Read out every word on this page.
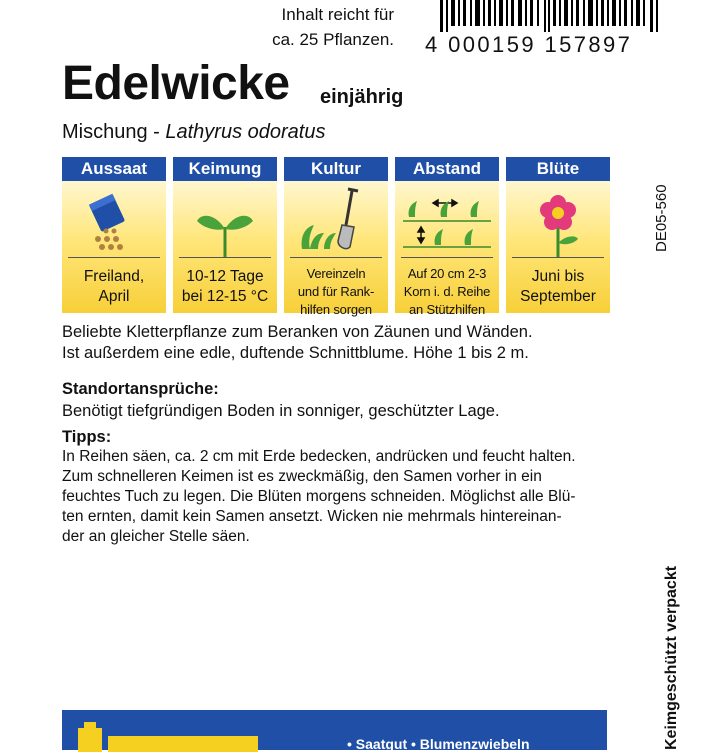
Inhalt reicht für
ca. 25 Pflanzen. 4 000159 157897
Edelwicke einjährig
Mischung - Lathyrus odoratus
DE05-560
Aussaat
Freiland,
April
Keimung
10-12 Tage
bei 12-15 °C
Kultur
Vereinzeln
und für Rank-
hilfen sorgen
Abstand
Auf 20 cm 2-3
Korn i. d. Reihe
an Stützhilfen
Blüte
Juni bis
September
Beliebte Kletterpflanze zum Beranken von Zäunen und Wänden.
Ist außerdem eine edle, duftende Schnittblume. Höhe 1 bis 2 m.
Standortansprüche:
Benötigt tiefgründigen Boden in sonniger, geschützter Lage.
Tipps:
In Reihen säen, ca. 2 cm mit Erde bedecken, andrücken und feucht halten.
Zum schnelleren Keimen ist es zweckmäßig, den Samen vorher in ein
feuchtes Tuch zu legen. Die Blüten morgens schneiden. Möglichst alle Blü-
ten ernten, damit kein Samen ansetzt. Wicken nie mehrmals hintereinan-
der an gleicher Stelle säen.
Keimgeschützt verpackt
• Saatgut • Blumenzwiebeln
